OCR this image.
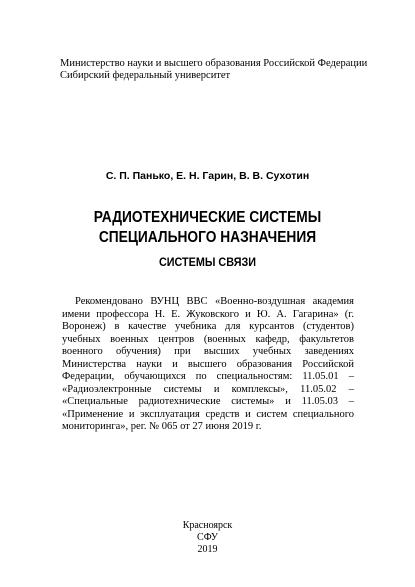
Министерство науки и высшего образования Российской Федерации
Сибирский федеральный университет
С. П. Панько, Е. Н. Гарин, В. В. Сухотин
РАДИОТЕХНИЧЕСКИЕ СИСТЕМЫ
СПЕЦИАЛЬНОГО НАЗНАЧЕНИЯ
СИСТЕМЫ СВЯЗИ
Рекомендовано ВУНЦ ВВС «Военно-воздушная академия имени профессора Н. Е. Жуковского и Ю. А. Гагарина» (г. Воронеж) в качестве учебника для курсантов (студентов) учебных военных центров (военных кафедр, факультетов военного обучения) при высших учебных заведениях Министерства науки и высшего образования Российской Федерации, обучающихся по специальностям: 11.05.01 – «Радиоэлектронные системы и комплексы», 11.05.02 – «Специальные радиотехнические системы» и 11.05.03 – «Применение и эксплуатация средств и систем специального мониторинга», рег. № 065 от 27 июня 2019 г.
Красноярск
СФУ
2019
